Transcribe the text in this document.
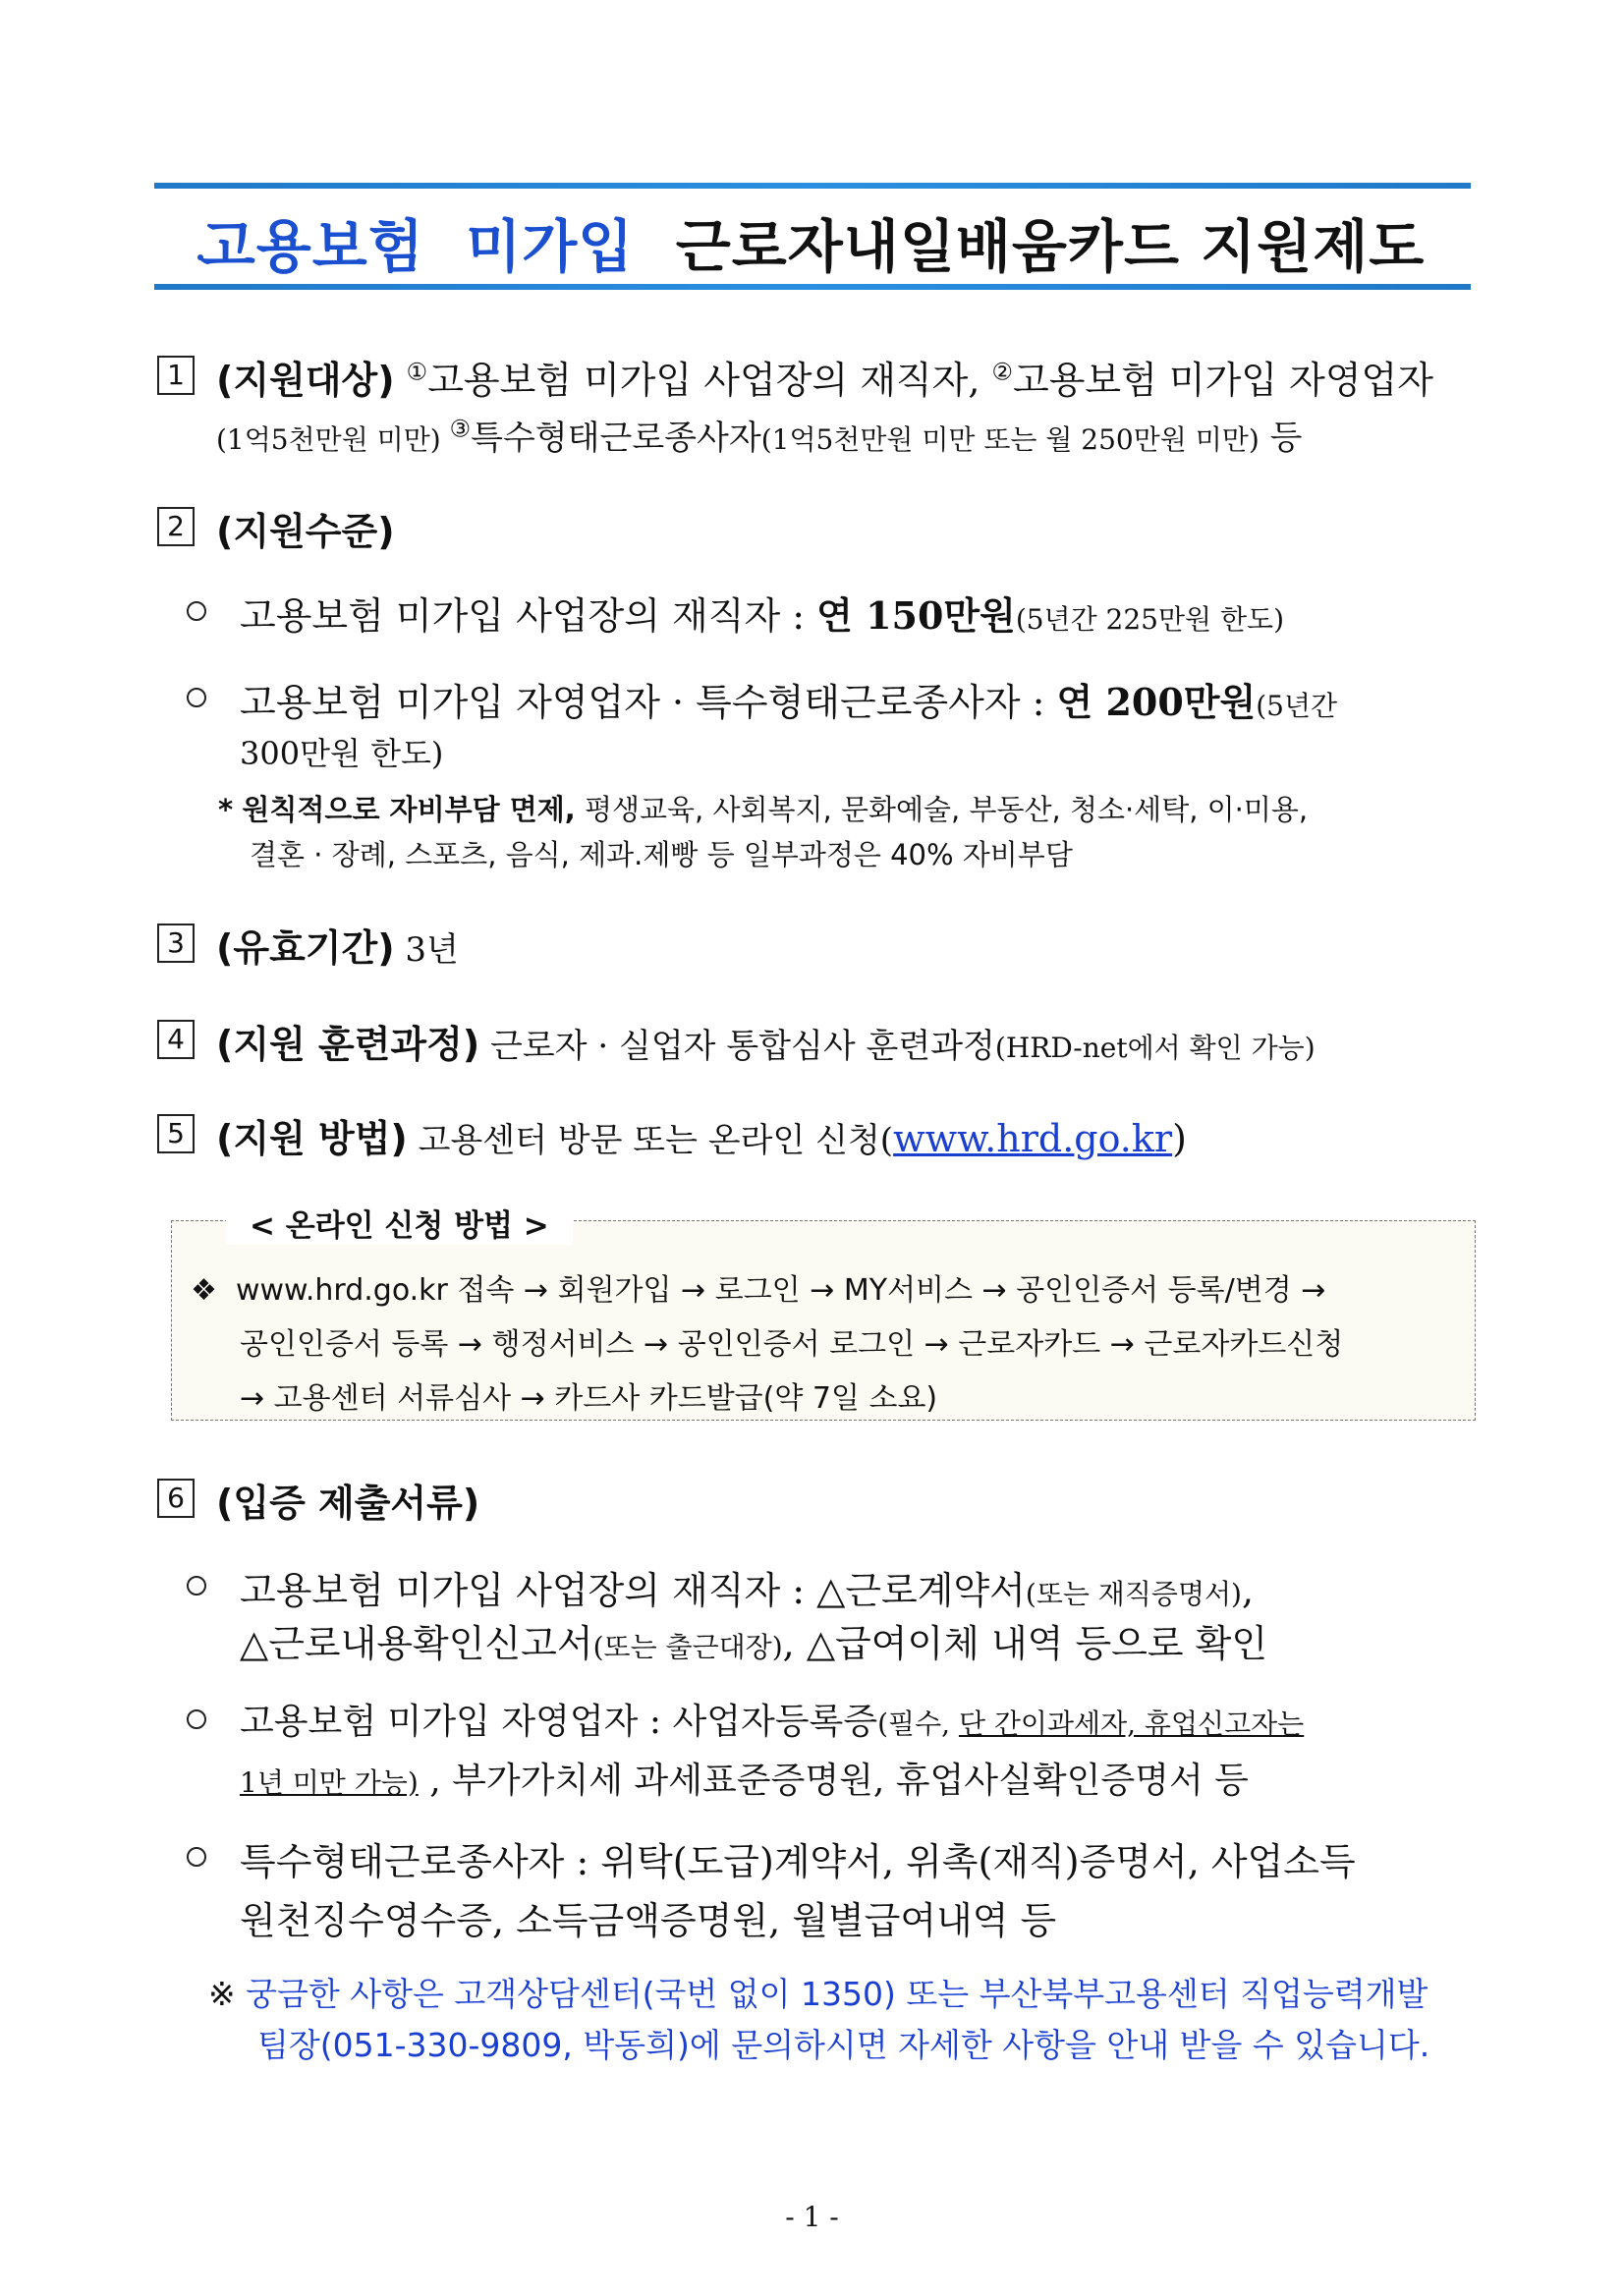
고용보험 미가입 근로자내일배움카드 지원제도
1 (지원대상) ①고용보험 미가입 사업장의 재직자, ②고용보험 미가입 자영업자
(1억5천만원 미만) ③특수형태근로종사자(1억5천만원 미만 또는 월 250만원 미만) 등
2 (지원수준)
고용보험 미가입 사업장의 재직자 : 연 150만원(5년간 225만원 한도)
고용보험 미가입 자영업자 · 특수형태근로종사자 : 연 200만원(5년간
300만원 한도)
* 원칙적으로 자비부담 면제, 평생교육, 사회복지, 문화예술, 부동산, 청소·세탁, 이·미용,
결혼 · 장례, 스포츠, 음식, 제과.제빵 등 일부과정은 40% 자비부담
3 (유효기간) 3년
4 (지원 훈련과정) 근로자 · 실업자 통합심사 훈련과정(HRD-net에서 확인 가능)
5 (지원 방법) 고용센터 방문 또는 온라인 신청(www.hrd.go.kr)
< 온라인 신청 방법 >
❖ www.hrd.go.kr 접속 → 회원가입 → 로그인 → MY서비스 → 공인인증서 등록/변경 →
공인인증서 등록 → 행정서비스 → 공인인증서 로그인 → 근로자카드 → 근로자카드신청
→ 고용센터 서류심사 → 카드사 카드발급(약 7일 소요)
6 (입증 제출서류)
고용보험 미가입 사업장의 재직자 : △근로계약서(또는 재직증명서),
△근로내용확인신고서(또는 출근대장), △급여이체 내역 등으로 확인
고용보험 미가입 자영업자 : 사업자등록증(필수, 단 간이과세자, 휴업신고자는
1년 미만 가능) , 부가가치세 과세표준증명원, 휴업사실확인증명서 등
특수형태근로종사자 : 위탁(도급)계약서, 위촉(재직)증명서, 사업소득
원천징수영수증, 소득금액증명원, 월별급여내역 등
※ 궁금한 사항은 고객상담센터(국번 없이 1350) 또는 부산북부고용센터 직업능력개발
팀장(051-330-9809, 박동희)에 문의하시면 자세한 사항을 안내 받을 수 있습니다.
- 1 -
